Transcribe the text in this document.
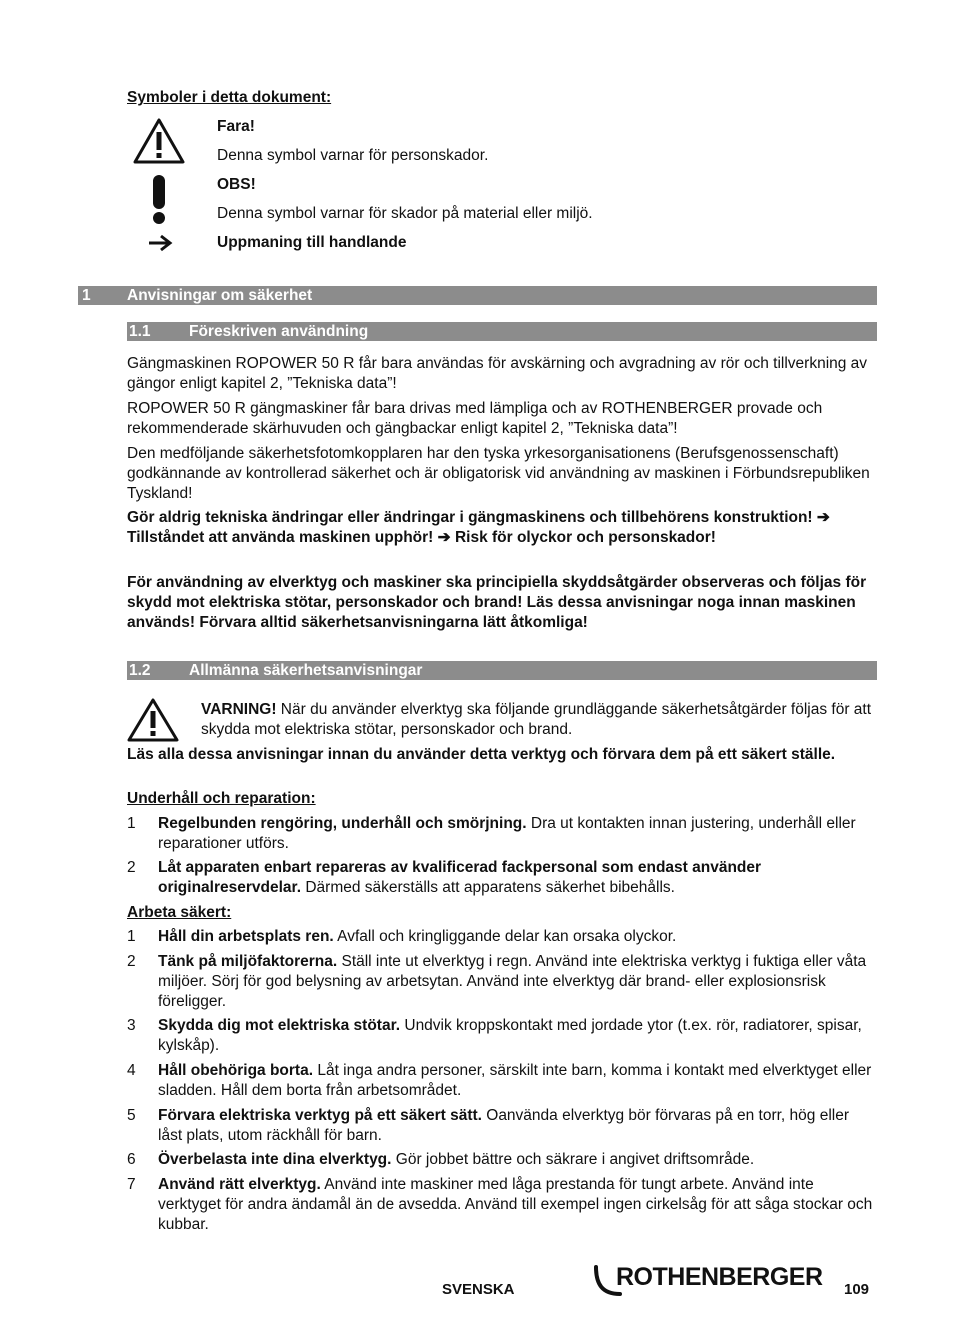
Symboler i detta dokument:
Fara!
Denna symbol varnar för personskador.
OBS!
Denna symbol varnar för skador på material eller miljö.
Uppmaning till handlande
1 Anvisningar om säkerhet
1.1 Föreskriven användning
Gängmaskinen ROPOWER 50 R får bara användas för avskärning och avgradning av rör och tillverkning av gängor enligt kapitel 2, ”Tekniska data”!
ROPOWER 50 R gängmaskiner får bara drivas med lämpliga och av ROTHENBERGER provade och rekommenderade skärhuvuden och gängbackar enligt kapitel 2, ”Tekniska data”!
Den medföljande säkerhetsfotomkopplaren har den tyska yrkesorganisationens (Berufsgenossenschaft) godkännande av kontrollerad säkerhet och är obligatorisk vid användning av maskinen i Förbundsrepubliken Tyskland!
Gör aldrig tekniska ändringar eller ändringar i gängmaskinens och tillbehörens konstruktion! ➔ Tillståndet att använda maskinen upphör! ➔ Risk för olyckor och personskador!
För användning av elverktyg och maskiner ska principiella skyddsåtgärder observeras och följas för skydd mot elektriska stötar, personskador och brand! Läs dessa anvisningar noga innan maskinen används! Förvara alltid säkerhetsanvisningarna lätt åtkomliga!
1.2 Allmänna säkerhetsanvisningar
VARNING! När du använder elverktyg ska följande grundläggande säkerhetsåtgärder följas för att skydda mot elektriska stötar, personskador och brand.
Läs alla dessa anvisningar innan du använder detta verktyg och förvara dem på ett säkert ställe.
Underhåll och reparation:
1 Regelbunden rengöring, underhåll och smörjning. Dra ut kontakten innan justering, underhåll eller reparationer utförs.
2 Låt apparaten enbart repareras av kvalificerad fackpersonal som endast använder originalreservdelar. Därmed säkerställs att apparatens säkerhet bibehålls.
Arbeta säkert:
1 Håll din arbetsplats ren. Avfall och kringliggande delar kan orsaka olyckor.
2 Tänk på miljöfaktorerna. Ställ inte ut elverktyg i regn. Använd inte elektriska verktyg i fuktiga eller våta miljöer. Sörj för god belysning av arbetsytan. Använd inte elverktyg där brand- eller explosionsrisk föreligger.
3 Skydda dig mot elektriska stötar. Undvik kroppskontakt med jordade ytor (t.ex. rör, radiatorer, spisar, kylskåp).
4 Håll obehöriga borta. Låt inga andra personer, särskilt inte barn, komma i kontakt med elverktyget eller sladden. Håll dem borta från arbetsområdet.
5 Förvara elektriska verktyg på ett säkert sätt. Oanvända elverktyg bör förvaras på en torr, hög eller låst plats, utom räckhåll för barn.
6 Överbelasta inte dina elverktyg. Gör jobbet bättre och säkrare i angivet driftsområde.
7 Använd rätt elverktyg. Använd inte maskiner med låga prestanda för tungt arbete. Använd inte verktyget för andra ändamål än de avsedda. Använd till exempel ingen cirkelsåg för att såga stockar och kubbar.
SVENSKA	ROTHENBERGER 109
